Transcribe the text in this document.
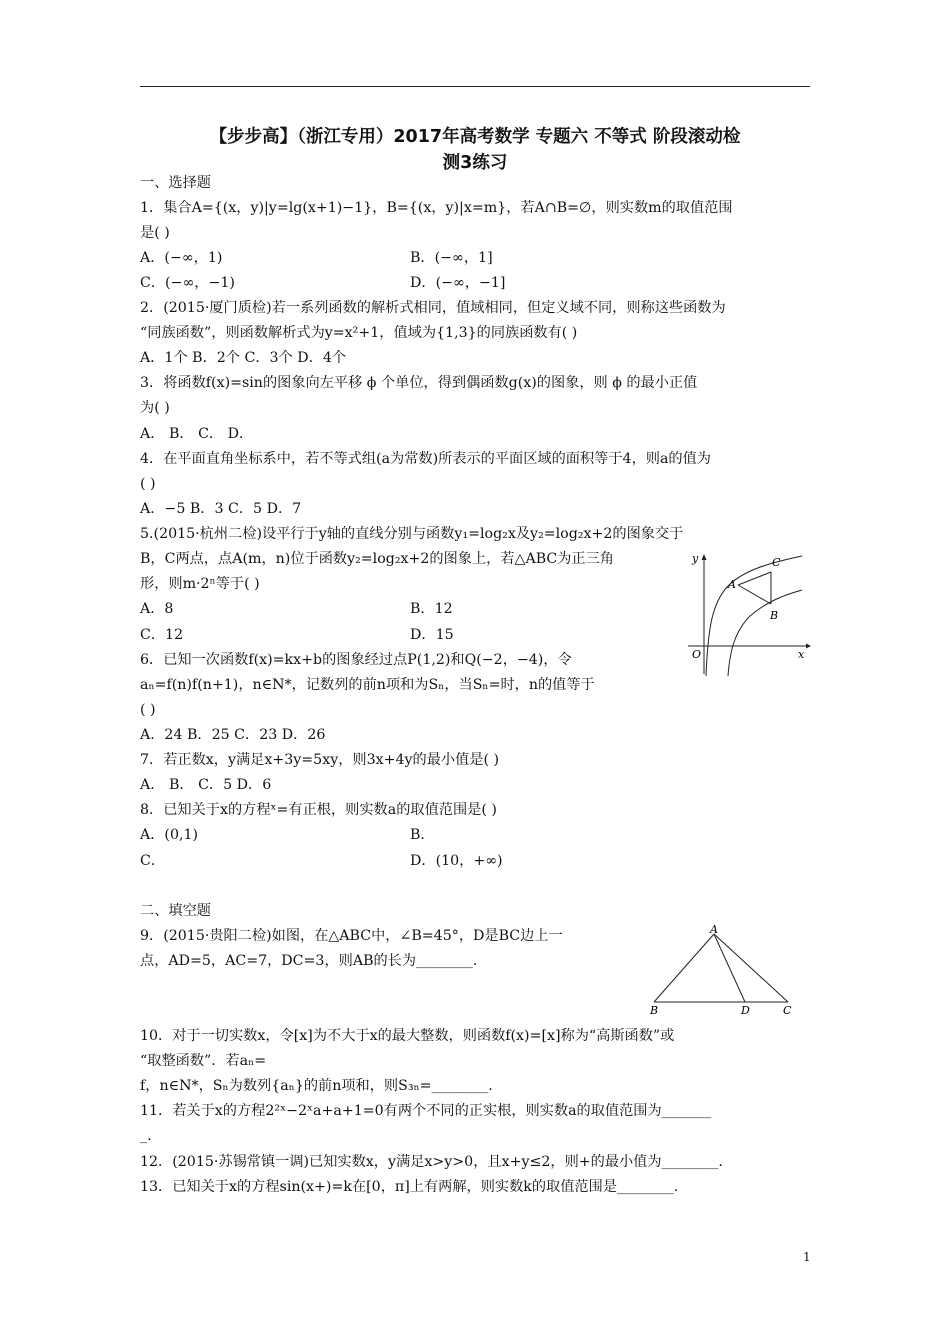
【步步高】（浙江专用）2017年高考数学 专题六 不等式 阶段滚动检
测3练习
一、选择题
1．集合A={(x，y)|y=lg(x+1)−1}，B={(x，y)|x=m}，若A∩B=∅，则实数m的取值范围
是( )
A．(−∞，1)	B．(−∞，1]
C．(−∞，−1)	D．(−∞，−1]
2．(2015·厦门质检)若一系列函数的解析式相同，值域相同，但定义域不同，则称这些函数为
“同族函数”，则函数解析式为y=x²+1，值域为{1,3}的同族函数有( )
A．1个 B．2个 C．3个 D．4个
3．将函数f(x)=sin的图象向左平移 ϕ 个单位，得到偶函数g(x)的图象，则 ϕ 的最小正值
为( )
A． B． C． D．
4．在平面直角坐标系中，若不等式组(a为常数)所表示的平面区域的面积等于4，则a的值为
( )
A．−5 B．3 C．5 D．7
5.(2015·杭州二检)设平行于y轴的直线分别与函数y₁=log₂x及y₂=log₂x+2的图象交于
B，C两点，点A(m，n)位于函数y₂=log₂x+2的图象上，若△ABC为正三角
形，则m·2ⁿ等于( )
A．8	B．12
C．12	D．15
A
C
B
O	x
y
6．已知一次函数f(x)=kx+b的图象经过点P(1,2)和Q(−2，−4)，令
aₙ=f(n)f(n+1)，n∈N*，记数列的前n项和为Sₙ，当Sₙ=时，n的值等于
( )
A．24 B．25 C．23 D．26
7．若正数x，y满足x+3y=5xy，则3x+4y的最小值是( )
A． B． C．5 D．6
8．已知关于x的方程ˣ=有正根，则实数a的取值范围是( )
A．(0,1)	B．
C．	D．(10，+∞)
二、填空题
9．(2015·贵阳二检)如图，在△ABC中，∠B=45°，D是BC边上一
点，AD=5，AC=7，DC=3，则AB的长为________.
A
B	D	C
10．对于一切实数x，令[x]为不大于x的最大整数，则函数f(x)=[x]称为“高斯函数”或
“取整函数”．若aₙ=
f，n∈N*，Sₙ为数列{aₙ}的前n项和，则S₃ₙ=________.
11．若关于x的方程2²ˣ−2ˣa+a+1=0有两个不同的正实根，则实数a的取值范围为_______
_.
12．(2015·苏锡常镇一调)已知实数x，y满足x>y>0，且x+y≤2，则+的最小值为________.
13．已知关于x的方程sin(x+)=k在[0，π]上有两解，则实数k的取值范围是________.
1
